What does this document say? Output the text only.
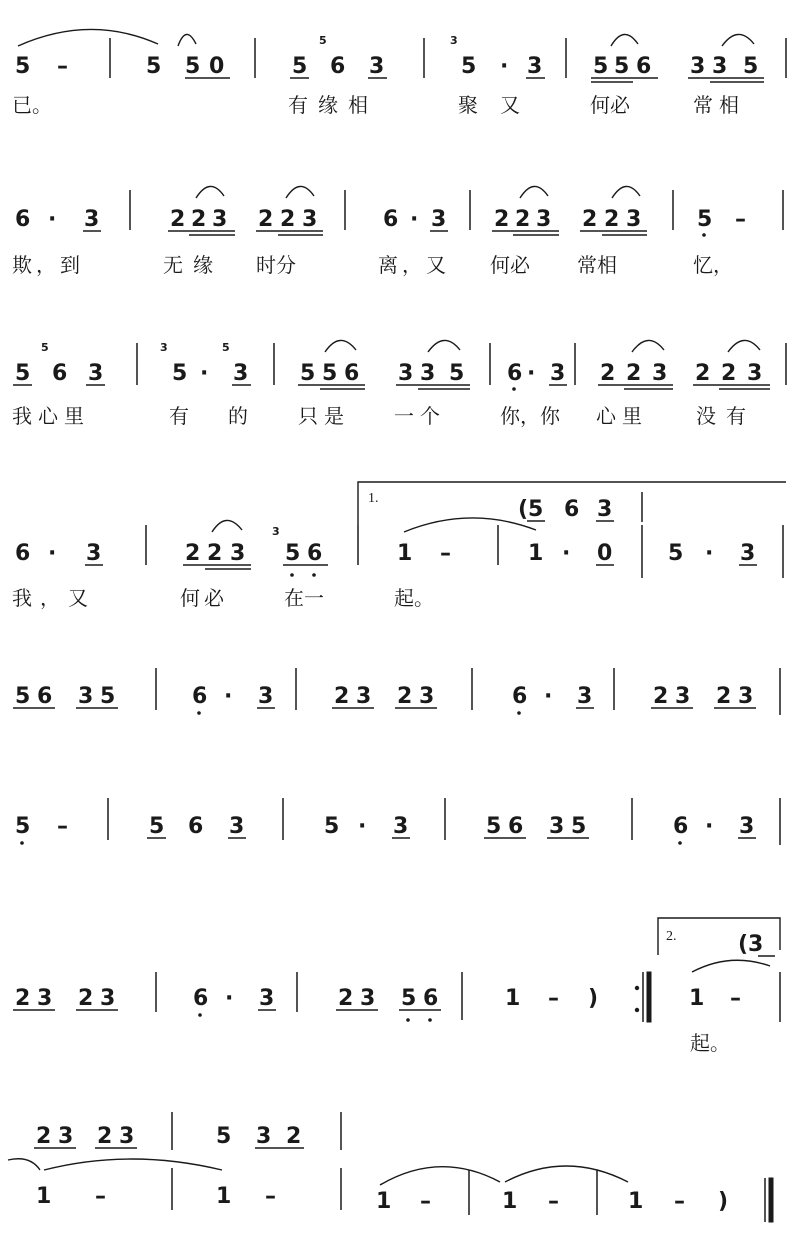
5 –	5 5 0	5
5
6 3
3
5 · 3 5 5 6 3 3 5
已。	有缘相	聚又 何必	常相
6 · 3	2 2 3 2 2 3	6 · 3 2 2 3 2 2 3	5 –
欺，到	无缘 时分	离，又 何必 常相	忆，
5
5
6 3
3
5 ·
5
3 5 5 6 3 3 5 6 · 3 2 2 3 2 2 3
我心里	有 的	只是 一个	你，你 心里 没有
1.	(5 6 3
6 · 3	2 2 3
3
5 6	1 –	1 · 0	5 · 3
我，又	何必	在一	起。
5 6 3 5	6 · 3	2 3 2 3	6 · 3	2 3 2 3
5 –	5 6 3	5 · 3	5 6 3 5	6 · 3
2.	(3
2 3 2 3	6 · 3	2 3 5 6	1 – )	1 –
起。
2 3 2 3	5 3 2
1 –	1 –	1 –	1 –	1 – )
